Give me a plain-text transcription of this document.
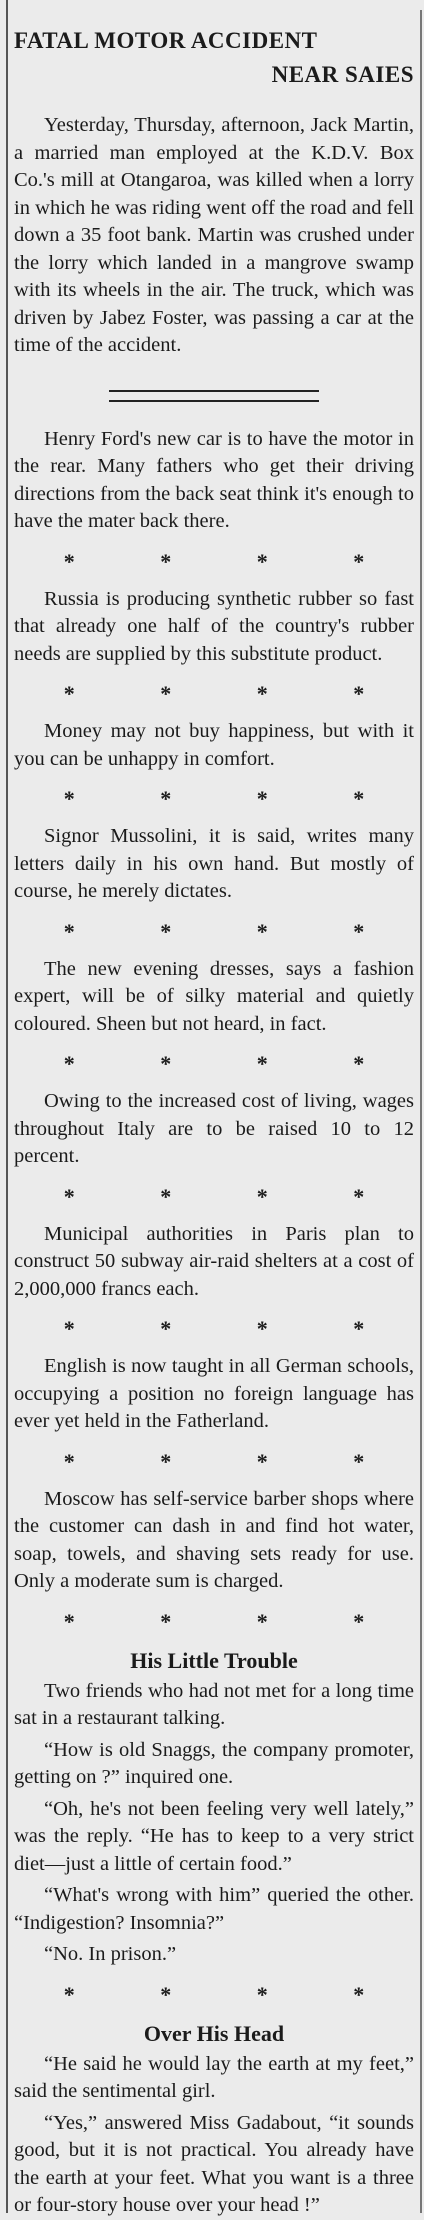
FATAL MOTOR ACCIDENT
NEAR SAIES

Yesterday, Thursday, afternoon, Jack Martin, a married man employed at the K.D.V. Box Co.'s mill at Otangaroa, was killed when a lorry in which he was riding went off the road and fell down a 35 foot bank. Martin was crushed under the lorry which landed in a mangrove swamp with its wheels in the air. The truck, which was driven by Jabez Foster, was passing a car at the time of the accident.

Henry Ford's new car is to have the motor in the rear. Many fathers who get their driving directions from the back seat think it's enough to have the mater back there.

* * * *

Russia is producing synthetic rubber so fast that already one half of the country's rubber needs are supplied by this substitute product.

* * * *

Money may not buy happiness, but with it you can be unhappy in comfort.

* * * *

Signor Mussolini, it is said, writes many letters daily in his own hand. But mostly of course, he merely dictates.

* * * *

The new evening dresses, says a fashion expert, will be of silky material and quietly coloured. Sheen but not heard, in fact.

* * * *

Owing to the increased cost of living, wages throughout Italy are to be raised 10 to 12 percent.

* * * *

Municipal authorities in Paris plan to construct 50 subway air-raid shelters at a cost of 2,000,000 francs each.

* * * *

English is now taught in all German schools, occupying a position no foreign language has ever yet held in the Fatherland.

* * * *

Moscow has self-service barber shops where the customer can dash in and find hot water, soap, towels, and shaving sets ready for use. Only a moderate sum is charged.

* * * *
His Little Trouble

Two friends who had not met for a long time sat in a restaurant talking.

“How is old Snaggs, the company promoter, getting on ?” inquired one.

“Oh, he's not been feeling very well lately,” was the reply. “He has to keep to a very strict diet—just a little of certain food.”

“What's wrong with him” queried the other. “Indigestion? Insomnia?”

“No. In prison.”

* * * *
Over His Head

“He said he would lay the earth at my feet,” said the sentimental girl.

“Yes,” answered Miss Gadabout, “it sounds good, but it is not practical. You already have the earth at your feet. What you want is a three or four-story house over your head !”
